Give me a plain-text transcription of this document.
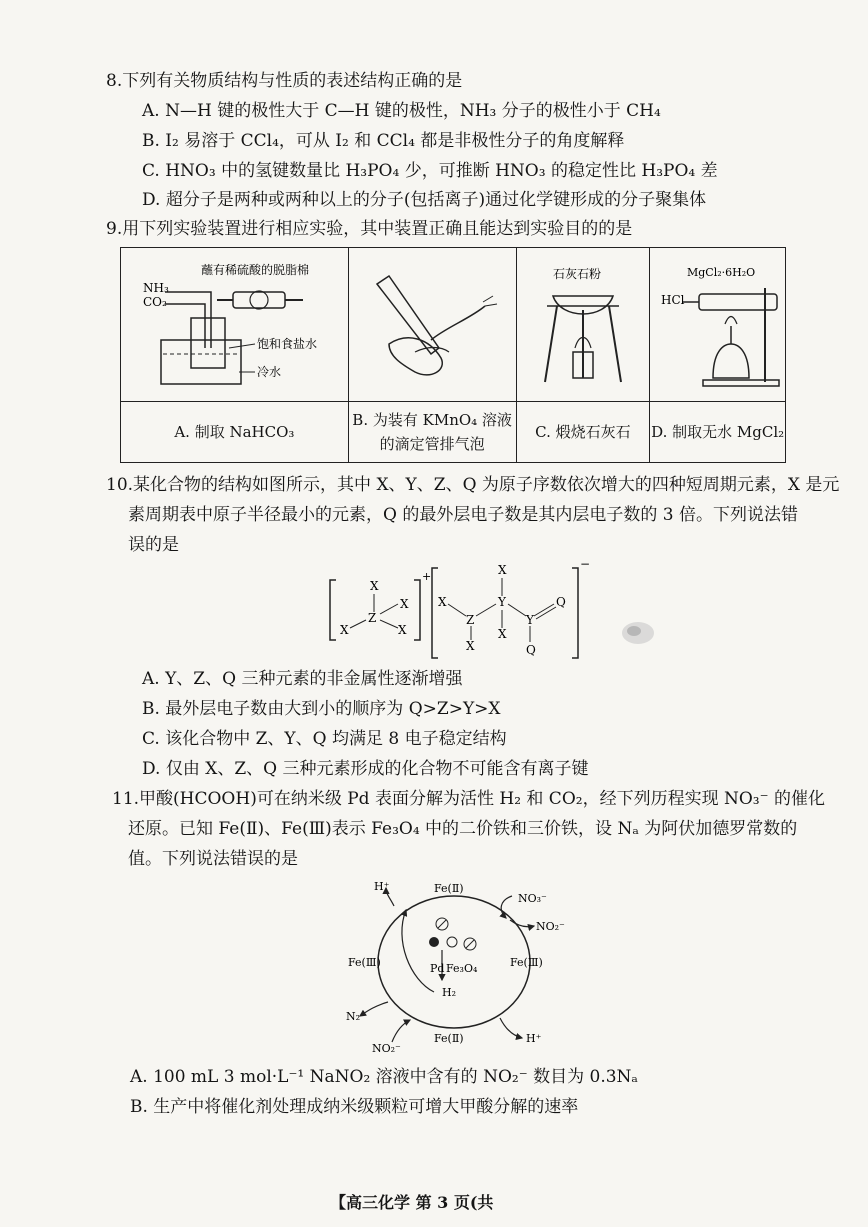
8.下列有关物质结构与性质的表述结构正确的是
A. N—H 键的极性大于 C—H 键的极性，NH₃ 分子的极性小于 CH₄
B. I₂ 易溶于 CCl₄，可从 I₂ 和 CCl₄ 都是非极性分子的角度解释
C. HNO₃ 中的氢键数量比 H₃PO₄ 少，可推断 HNO₃ 的稳定性比 H₃PO₄ 差
D. 超分子是两种或两种以上的分子(包括离子)通过化学键形成的分子聚集体
9.用下列实验装置进行相应实验，其中装置正确且能达到实验目的的是
蘸有稀硫酸的脱脂棉
NH₃
CO₂
饱和食盐水
冷水		石灰石粉	MgCl₂·6H₂O
HCl

A. 制取 NaHCO₃	B. 为装有 KMnO₄ 溶液
的滴定管排气泡	C. 煅烧石灰石	D. 制取无水 MgCl₂
10.某化合物的结构如图所示，其中 X、Y、Z、Q 为原子序数依次增大的四种短周期元素，X 是元
素周期表中原子半径最小的元素，Q 的最外层电子数是其内层电子数的 3 倍。下列说法错
误的是
+
X
X
X
Z
X
−
X
Z
X
X
Y
X
Y
Q
Q
A. Y、Z、Q 三种元素的非金属性逐渐增强
B. 最外层电子数由大到小的顺序为 Q>Z>Y>X
C. 该化合物中 Z、Y、Q 均满足 8 电子稳定结构
D. 仅由 X、Z、Q 三种元素形成的化合物不可能含有离子键
11.甲酸(HCOOH)可在纳米级 Pd 表面分解为活性 H₂ 和 CO₂，经下列历程实现 NO₃⁻ 的催化
还原。已知 Fe(Ⅱ)、Fe(Ⅲ)表示 Fe₃O₄ 中的二价铁和三价铁，设 Nₐ 为阿伏加德罗常数的
值。下列说法错误的是
H⁺	Fe(Ⅱ)
NO₃⁻
NO₂⁻
Fe(Ⅲ)	Fe(Ⅲ)
Pd Fe₃O₄
H₂
N₂
Fe(Ⅱ)	H⁺
NO₂⁻
A. 100 mL 3 mol·L⁻¹ NaNO₂ 溶液中含有的 NO₂⁻ 数目为 0.3Nₐ
B. 生产中将催化剂处理成纳米级颗粒可增大甲酸分解的速率
【高三化学 第 3 页(共
